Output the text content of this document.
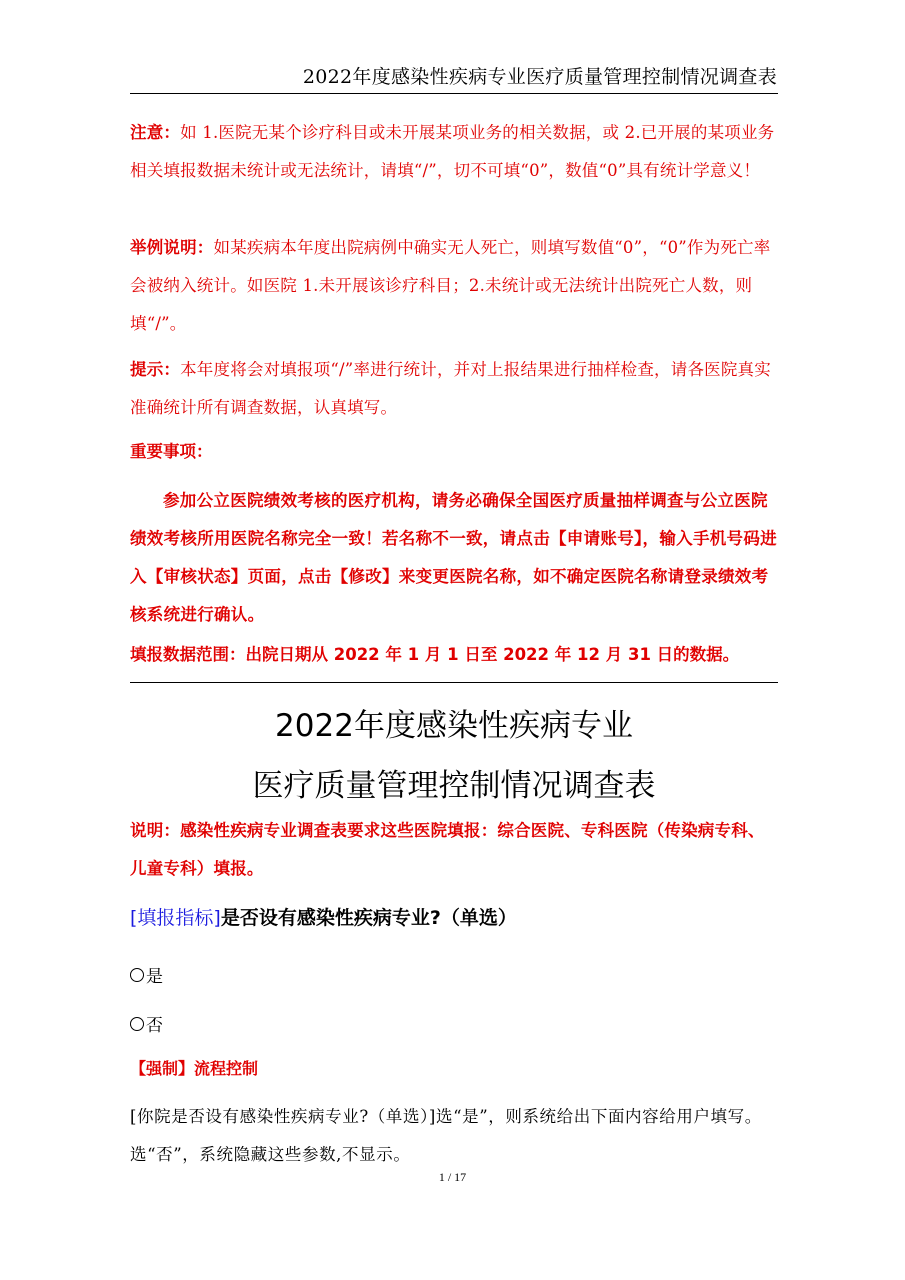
2022年度感染性疾病专业医疗质量管理控制情况调查表
注意：如 1.医院无某个诊疗科目或未开展某项业务的相关数据，或 2.已开展的某项业务相关填报数据未统计或无法统计，请填“/”，切不可填“0”，数值“0”具有统计学意义！
举例说明：如某疾病本年度出院病例中确实无人死亡，则填写数值“0”，“0”作为死亡率会被纳入统计。如医院 1.未开展该诊疗科目；2.未统计或无法统计出院死亡人数，则填“/”。
提示：本年度将会对填报项“/”率进行统计，并对上报结果进行抽样检查，请各医院真实准确统计所有调查数据，认真填写。
重要事项：
参加公立医院绩效考核的医疗机构，请务必确保全国医疗质量抽样调查与公立医院绩效考核所用医院名称完全一致！若名称不一致，请点击【申请账号】，输入手机号码进入【审核状态】页面，点击【修改】来变更医院名称，如不确定医院名称请登录绩效考核系统进行确认。
填报数据范围：出院日期从 2022 年 1 月 1 日至 2022 年 12 月 31 日的数据。
2022年度感染性疾病专业
医疗质量管理控制情况调查表
说明：感染性疾病专业调查表要求这些医院填报：综合医院、专科医院（传染病专科、儿童专科）填报。
[填报指标]是否设有感染性疾病专业?（单选）
是
否
【强制】流程控制
[你院是否设有感染性疾病专业?（单选）]选“是”，则系统给出下面内容给用户填写。选“否”，系统隐藏这些参数,不显示。
1 / 17
